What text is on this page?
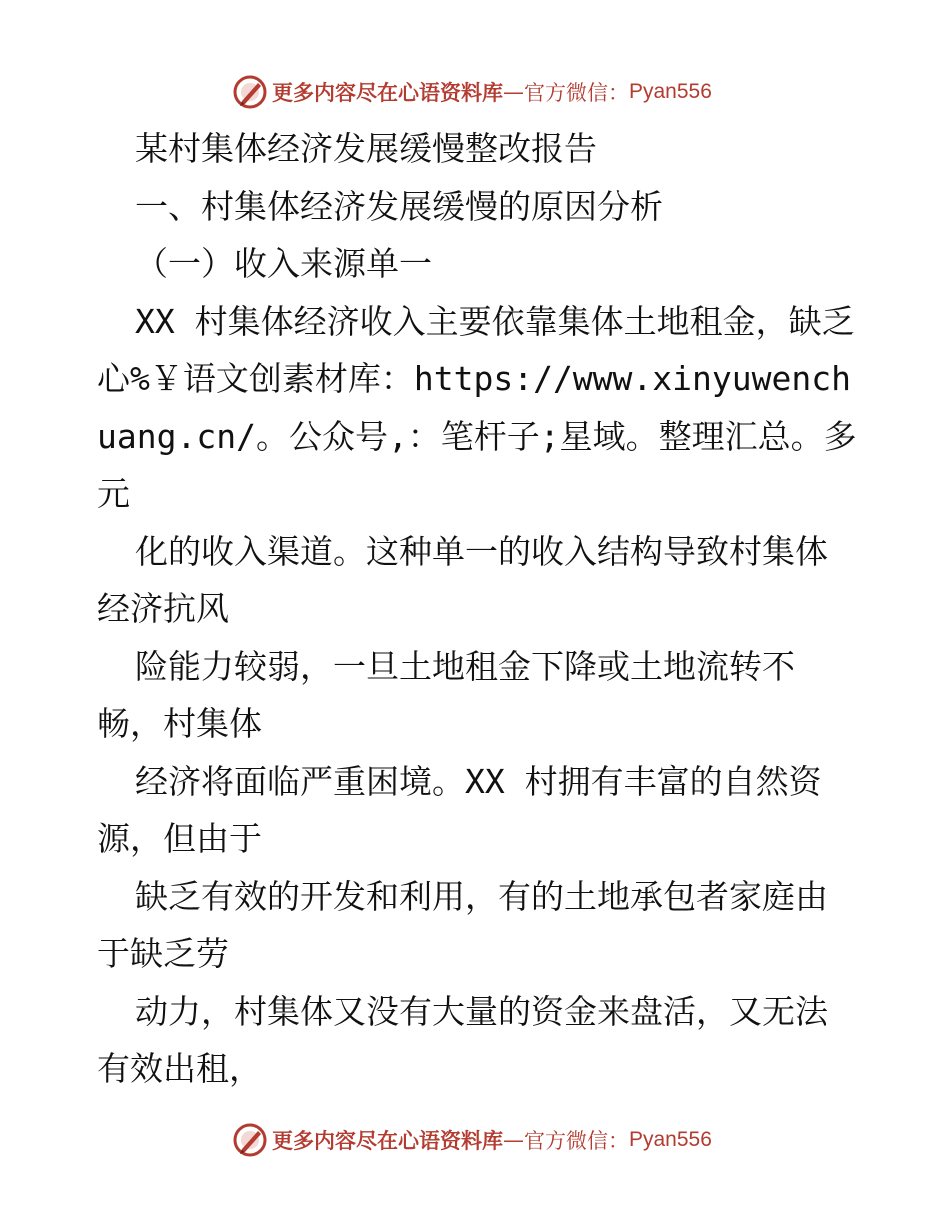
更多内容尽在心语资料库 — 官方微信： Pyan556

某村集体经济发展缓慢整改报告

一、村集体经济发展缓慢的原因分析

（一）收入来源单一

XX 村集体经济收入主要依靠集体土地租金，缺乏心%￥语文创素材库：https://www.xinyuwenchuang.cn/。公众号,：笔杆子;星域。整理汇总。多元

化的收入渠道。这种单一的收入结构导致村集体经济抗风

险能力较弱，一旦土地租金下降或土地流转不畅，村集体

经济将面临严重困境。XX 村拥有丰富的自然资源，但由于

缺乏有效的开发和利用，有的土地承包者家庭由于缺乏劳

动力，村集体又没有大量的资金来盘活，又无法有效出租，

更多内容尽在心语资料库 — 官方微信： Pyan556
